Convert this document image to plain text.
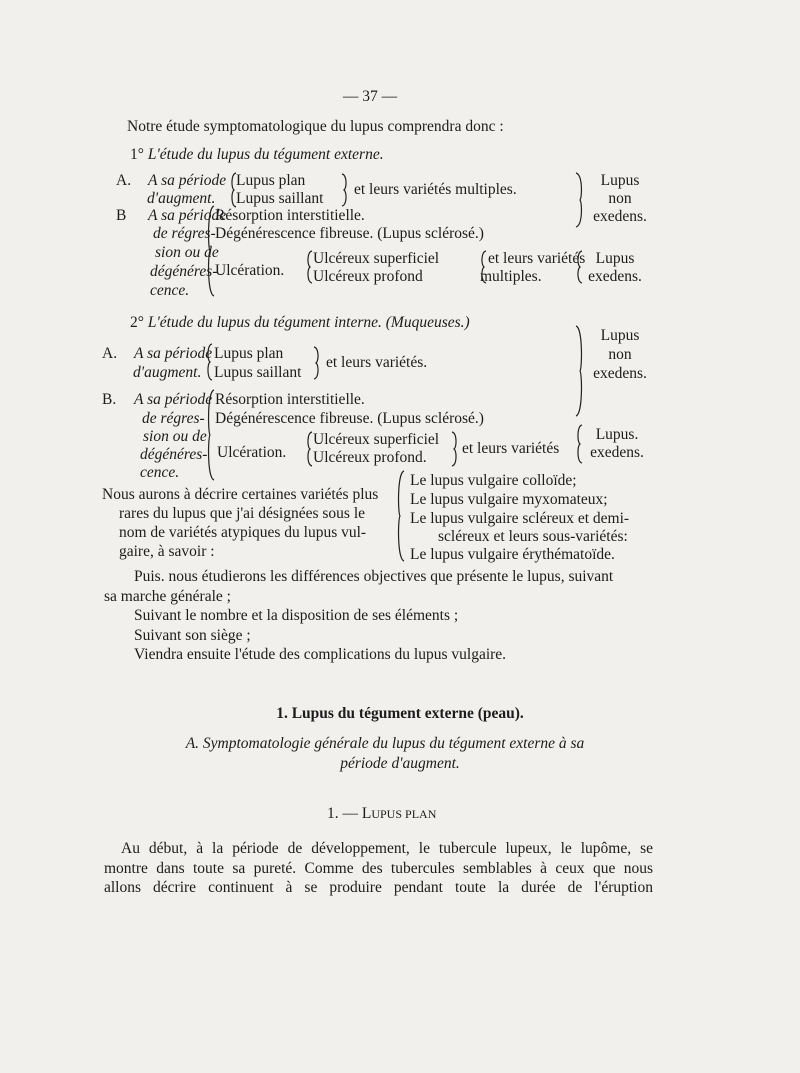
— 37 —
Notre étude symptomatologique du lupus comprendra donc :
1° L'étude du lupus du tégument externe.
A. A sa période
d'augment.
Lupus plan
Lupus saillant
et leurs variétés multiples.
B A sa période
de régres-
sion ou de
dégénéres-
cence.
Résorption interstitielle.
Dégénérescence fibreuse. (Lupus sclérosé.)
Ulcération.
Ulcéreux superficiel
Ulcéreux profond
et leurs variétés
multiples.
Lupus
non
exedens.
Lupus
exedens.
2° L'étude du lupus du tégument interne. (Muqueuses.)
A. A sa période
d'augment.
Lupus plan
Lupus saillant
et leurs variétés.
B. A sa période
de régres-
sion ou de
dégénéres-
cence.
Résorption interstitielle.
Dégénérescence fibreuse. (Lupus sclérosé.)
Ulcération.
Ulcéreux superficiel
Ulcéreux profond.
et leurs variétés
Lupus
non
exedens.
Lupus.
exedens.
Nous aurons à décrire certaines variétés plus
rares du lupus que j'ai désignées sous le
nom de variétés atypiques du lupus vul-
gaire, à savoir :
Le lupus vulgaire colloïde;
Le lupus vulgaire myxomateux;
Le lupus vulgaire scléreux et demi-
scléreux et leurs sous-variétés:
Le lupus vulgaire érythématoïde.
Puis. nous étudierons les différences objectives que présente le lupus, suivant
sa marche générale ;
Suivant le nombre et la disposition de ses éléments ;
Suivant son siège ;
Viendra ensuite l'étude des complications du lupus vulgaire.
1. Lupus du tégument externe (peau).
A. Symptomatologie générale du lupus du tégument externe à sa
période d'augment.
1. — LUPUS PLAN
Au début, à la période de développement, le tubercule lupeux, le lupôme, se
montre dans toute sa pureté. Comme des tubercules semblables à ceux que nous
allons décrire continuent à se produire pendant toute la durée de l'éruption
